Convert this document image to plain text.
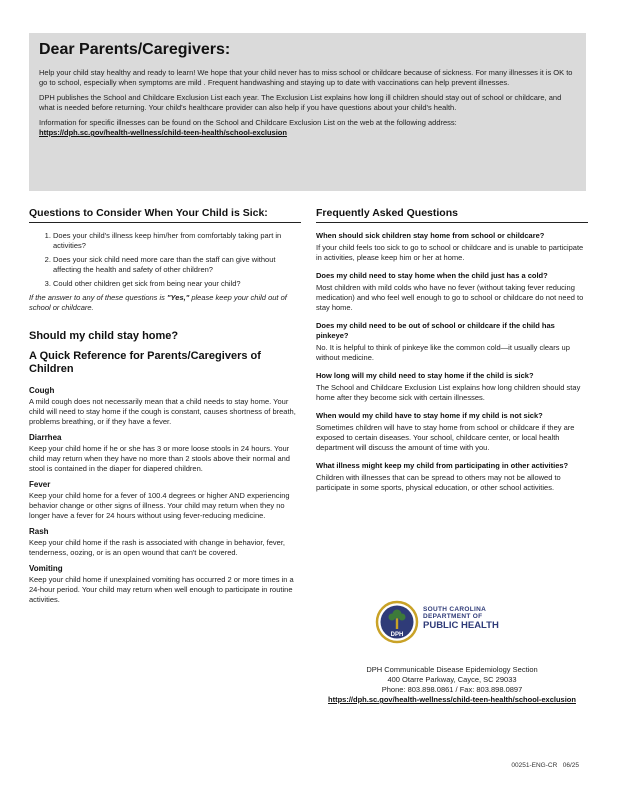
Dear Parents/Caregivers:

Help your child stay healthy and ready to learn! We hope that your child never has to miss school or childcare because of sickness. For many illnesses it is OK to go to school, especially when symptoms are mild . Frequent handwashing and staying up to date with vaccinations can help prevent illnesses.

DPH publishes the School and Childcare Exclusion List each year. The Exclusion List explains how long ill children should stay out of school or childcare, and what is needed before returning. Your child's healthcare provider can also help if you have questions about your child's health.

Information for specific illnesses can be found on the School and Childcare Exclusion List on the web at the following address:
https://dph.sc.gov/health-wellness/child-teen-health/school-exclusion

Questions to Consider When Your Child is Sick:
1. Does your child's illness keep him/her from comfortably taking part in activities?
2. Does your sick child need more care than the staff can give without affecting the health and safety of other children?
3. Could other children get sick from being near your child?

If the answer to any of these questions is "Yes," please keep your child out of school or childcare.

Should my child stay home?
A Quick Reference for Parents/Caregivers of Children
Cough

A mild cough does not necessarily mean that a child needs to stay home. Your child will need to stay home if the cough is constant, causes shortness of breath, problems breathing, or if they have a fever.

Diarrhea

Keep your child home if he or she has 3 or more loose stools in 24 hours. Your child may return when they have no more than 2 stools above their normal and stool is contained in the diaper for diapered children.

Fever

Keep your child home for a fever of 100.4 degrees or higher AND experiencing behavior change or other signs of illness. Your child may return when they no longer have a fever for 24 hours without using fever-reducing medicine.

Rash

Keep your child home if the rash is associated with change in behavior, fever, tenderness, oozing, or is an open wound that can't be covered.

Vomiting

Keep your child home if unexplained vomiting has occurred 2 or more times in a 24-hour period. Your child may return when well enough to participate in routine activities.

Frequently Asked Questions
When should sick children stay home from school or childcare?

If your child feels too sick to go to school or childcare and is unable to participate in activities, please keep him or her at home.

Does my child need to stay home when the child just has a cold?

Most children with mild colds who have no fever (without taking fever reducing medication) and who feel well enough to go to school or childcare do not need to stay home.

Does my child need to be out of school or childcare if the child has pinkeye?

No. It is helpful to think of pinkeye like the common cold—it usually clears up without medicine.

How long will my child need to stay home if the child is sick?

The School and Childcare Exclusion List explains how long children should stay home after they become sick with certain illnesses.

When would my child have to stay home if my child is not sick?

Sometimes children will have to stay home from school or childcare if they are exposed to certain diseases. Your school, childcare center, or local health department will discuss the amount of time with you.

What illness might keep my child from participating in other activities?

Children with illnesses that can be spread to others may not be allowed to participate in some sports, physical education, or other school activities.

DPH
SOUTH CAROLINA
DEPARTMENT OF
PUBLIC HEALTH

DPH Communicable Disease Epidemiology Section

400 Otarre Parkway, Cayce, SC 29033

Phone: 803.898.0861 / Fax: 803.898.0897

https://dph.sc.gov/health-wellness/child-teen-health/school-exclusion

00251-ENG-CR 06/25
